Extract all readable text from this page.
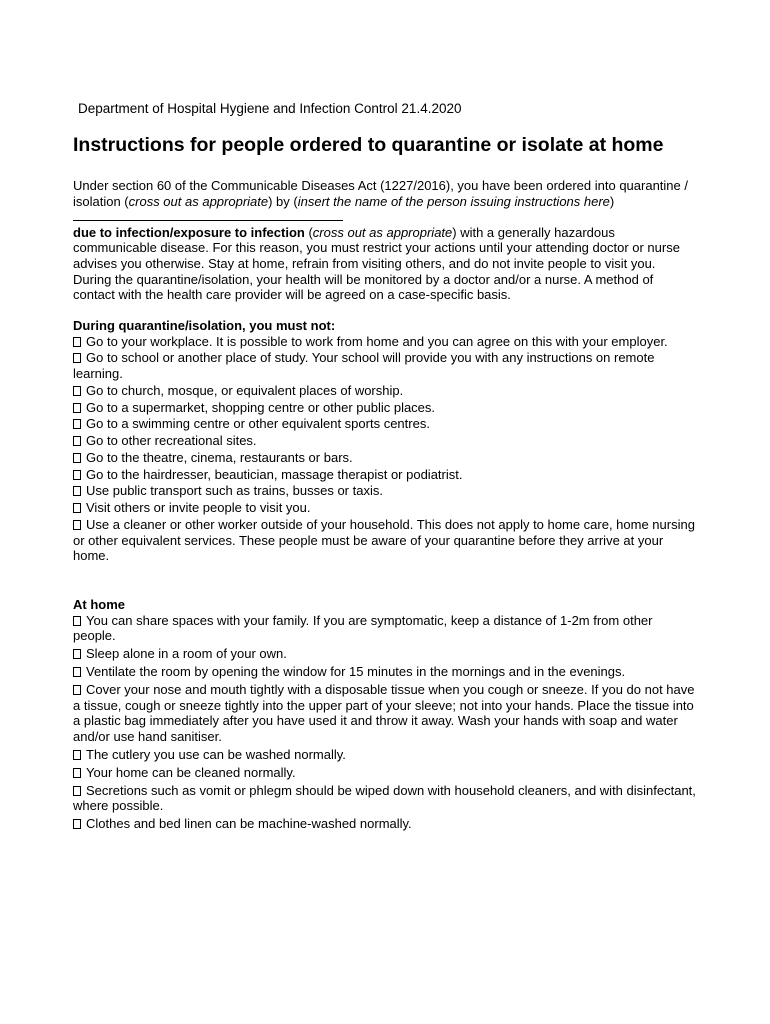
Department of Hospital Hygiene and Infection Control 21.4.2020
Instructions for people ordered to quarantine or isolate at home

Under section 60 of the Communicable Diseases Act (1227/2016), you have been ordered into quarantine / isolation (cross out as appropriate) by (insert the name of the person issuing instructions here)
due to infection/exposure to infection (cross out as appropriate) with a generally hazardous communicable disease. For this reason, you must restrict your actions until your attending doctor or nurse advises you otherwise. Stay at home, refrain from visiting others, and do not invite people to visit you. During the quarantine/isolation, your health will be monitored by a doctor and/or a nurse. A method of contact with the health care provider will be agreed on a case-specific basis.

During quarantine/isolation, you must not:

Go to your workplace. It is possible to work from home and you can agree on this with your employer.

Go to school or another place of study. Your school will provide you with any instructions on remote learning.

Go to church, mosque, or equivalent places of worship.

Go to a supermarket, shopping centre or other public places.

Go to a swimming centre or other equivalent sports centres.

Go to other recreational sites.

Go to the theatre, cinema, restaurants or bars.

Go to the hairdresser, beautician, massage therapist or podiatrist.

Use public transport such as trains, busses or taxis.

Visit others or invite people to visit you.

Use a cleaner or other worker outside of your household. This does not apply to home care, home nursing or other equivalent services. These people must be aware of your quarantine before they arrive at your home.

At home

You can share spaces with your family. If you are symptomatic, keep a distance of 1-2m from other people.

Sleep alone in a room of your own.

Ventilate the room by opening the window for 15 minutes in the mornings and in the evenings.

Cover your nose and mouth tightly with a disposable tissue when you cough or sneeze. If you do not have a tissue, cough or sneeze tightly into the upper part of your sleeve; not into your hands. Place the tissue into a plastic bag immediately after you have used it and throw it away. Wash your hands with soap and water and/or use hand sanitiser.

The cutlery you use can be washed normally.

Your home can be cleaned normally.

Secretions such as vomit or phlegm should be wiped down with household cleaners, and with disinfectant, where possible.

Clothes and bed linen can be machine-washed normally.
